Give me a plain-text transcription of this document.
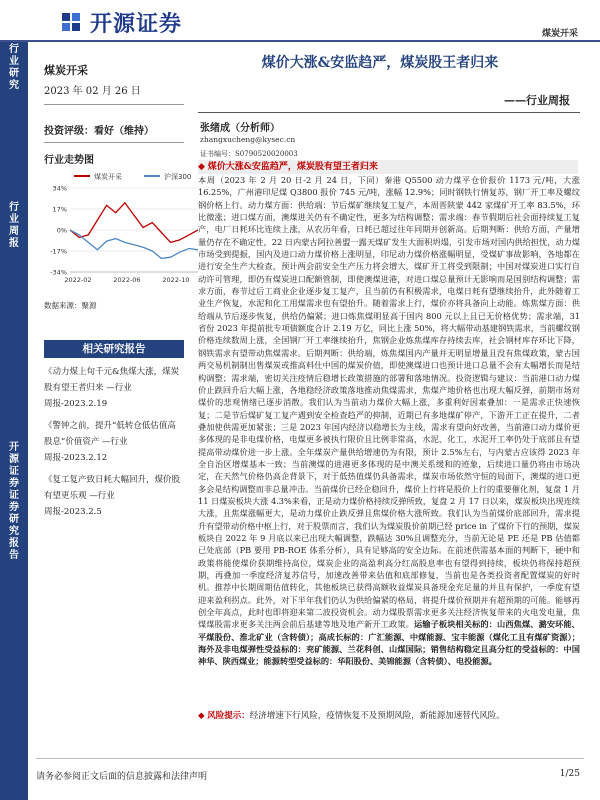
开源证券	煤炭开采
行
业
研
究
行
业
周
报
开
源
证
券
证
券
研
究
报
告
煤炭开采
2023 年 02 月 26 日
投资评级：看好（维持）
行业走势图
煤炭开采	沪深300
34%
17%
0%
-17%
-34%
2022-02	2022-06	2022-10
数据来源：聚源
相关研究报告
《动力煤上旬千元&焦煤大涨，煤炭股有望王者归来 —行业
周报-2023.2.19
《警钟之前，提升“低转仓低估值高股息”价值资产 —行业
周报-2023.2.12
《复工复产致日耗大幅回升，煤价股有望更乐观 —行业
周报-2023.2.5
煤价大涨&安监趋严，煤炭股王者归来
——行业周报
张绪成（分析师）
zhangxucheng@kysec.cn
证书编号：S0790520020003
◆ 煤价大涨&安监趋严，煤炭股有望王者归来
本周（2023 年 2 月 20 日-2 月 24 日，下同）秦港 Q5500 动力煤平仓价报价 1173 元/吨，大涨 16.25%，广州港印尼煤 Q3800 报价 745 元/吨，涨幅 12.9%；同时钢铁行情复苏，钢厂开工率及螺纹钢价格上行。动力煤方面：供给端：节后煤矿继续复工复产，本周晋陕蒙 442 家煤矿开工率 83.5%，环比微涨；进口煤方面，澳煤进关仍有不确定性，更多为结构调整；需求端：春节假期后社会面持续复工复产，电厂日耗环比连续上涨，从农历年看，日耗已超过往年同期并创新高。后期判断：供给方面，产量增量仍存在不确定性，22 日内蒙古阿拉善盟一露天煤矿发生大面积坍塌，引发市场对国内供给担忧，动力煤市场受到提振，国内及进口动力煤价格上涨明显，印尼动力煤价格涨幅明显，受煤矿事故影响，各地都在进行安全生产大检查，预计两会前安全生产压力将会增大，煤矿开工将受到限制；中国对煤炭进口实行自动许可管理，即仍有煤炭进口配额管制，即使澳煤进港，对进口煤总量预计无影响而是国别结构调整；需求方面，春节过后工商业企业逐步复工复产，且当前仍有积极需求，电煤日耗有望继续抬升，此外随着工业生产恢复，水泥和化工用煤需求也有望抬升。随着需求上行，煤价亦将具备向上动能。炼焦煤方面：供给端从节后逐步恢复，供给仍偏紧；进口炼焦煤明显高于国内 800 元以上且已无价格优势；需求端，31 省份 2023 年提前批专项债额度合计 2.19 万亿，同比上涨 50%，将大幅带动基建钢铁需求，当前螺纹钢价格连续数周上涨，全国钢厂开工率继续抬升，焦钢企业炼焦煤库存持续去库，社会钢材库存环比下降，钢铁需求有望带动焦煤需求。后期判断：供给端，炼焦煤国内产量并无明显增量且没有焦煤政策，蒙古国两交易机制制出售煤炭或推高料仕中国的煤炭价值，即使澳煤进口也预计进口总量不会有太幅增长而是结构调整；需求端，密切关注疫情后稳增长政策措施的部署和落地情况。投资逻辑与建议：当前港口动力煤价止跌回升后大幅上涨，各地稳经济政策落地推动焦煤需求，焦煤产地价格也出现大幅反弹，前期市场对煤价的悲观情绪已逐步消散。我们认为当前动力煤价大幅上涨，多重利好因素叠加：一是需求正快速恢复；二是节后煤矿复工复产遇到安全检查趋严的抑制，近期已有多地煤矿停产，下游开工正在提升，二者叠加使供需更加紧张；三是 2023 年国内经济以稳增长为主线，需求有望向好改善，当前港口动力煤价更多体现的是非电煤价格，电煤更多被执行限价且比例非常高，水泥、化工、水泥开工率仍处于底部且有望提高带动煤价进一步上涨。全年煤炭产量供给增速仍为有限，预计 2.5%左右，与内蒙古应该得 2023 年全自治区增煤基本一致；当前澳煤的进港更多体现的是中澳关系缓和的迹象，后续进口量仍将由市场决定，在天然气价格仍高企背景下，对于低热值煤仍具备需求，煤炭市场依然守恒的局面下，澳煤的进口更多会是结构调整而非总量冲击。当前煤价已经企稳回升，煤价上行将是股价上行的重要催化剂，复盘 1 月 11 日煤炭板块大涨 4.3%来看，正是动力煤价格持续反弹所致，复盘 2 月 17 日以来，煤炭板块出现连续大涨，且焦煤涨幅更大，是动力煤价止跌反弹且焦煤价格大涨所致。我们认为当前煤价底部回升，需求提升有望带动价格中枢上行，对于股票而言，我们认为煤炭股价前期已经 price in 了煤价下行的预期，煤炭板块自 2022 年 9 月底以来已出现大幅调整，跌幅达 30%且调整充分，当前无论是 PE 还是 PB 估值都已处底部（PB 要用 PB-ROE 体系分析），具有足够高的安全边际。在前述供需基本面的判断下，硬中和政策将能使煤价获期维持高位，煤炭企业的高盈利高分红高股息率也有望得到持续，板块仍将保持超预期，再叠加一季度经济复苏信号，加速改善带来估值和底部修复，当前也是各类投资者配置煤炭的好时机。推荐中长期周期估值转化，其他板块已获得高额收益煤炭具备现金充足量的并且有保护，一季度有望迎来盈利拐点。此外，对下半年我们仍认为供给偏紧的格局，将提升煤价预期并有超预期的可能。能够再创全年高点，此时也即将迎来第二波投资机会。动力煤股票需求更多关注经济恢复带来的火电发电量，焦煤煤股需求更多关注两会前后基建等地及地产新开工政策。运输子板块相关标的：山西焦煤、潞安环能、平煤股份、淮北矿业（含转债）；高成长标的：广汇能源、中煤能源、宝丰能源（煤化工且有煤矿资源）；海外及非电煤弹性受益标的：兖矿能源、兰花科创、山煤国际；销售结构稳定且高分红的受益标的：中国神华、陕西煤业；能源转型受益标的：华阳股份、美锦能源（含转债）、电投能源。
◆ 风险提示：经济增速下行风险，疫情恢复不及预期风险，新能源加速替代风险。
请务必参阅正文后面的信息披露和法律声明	1/25
